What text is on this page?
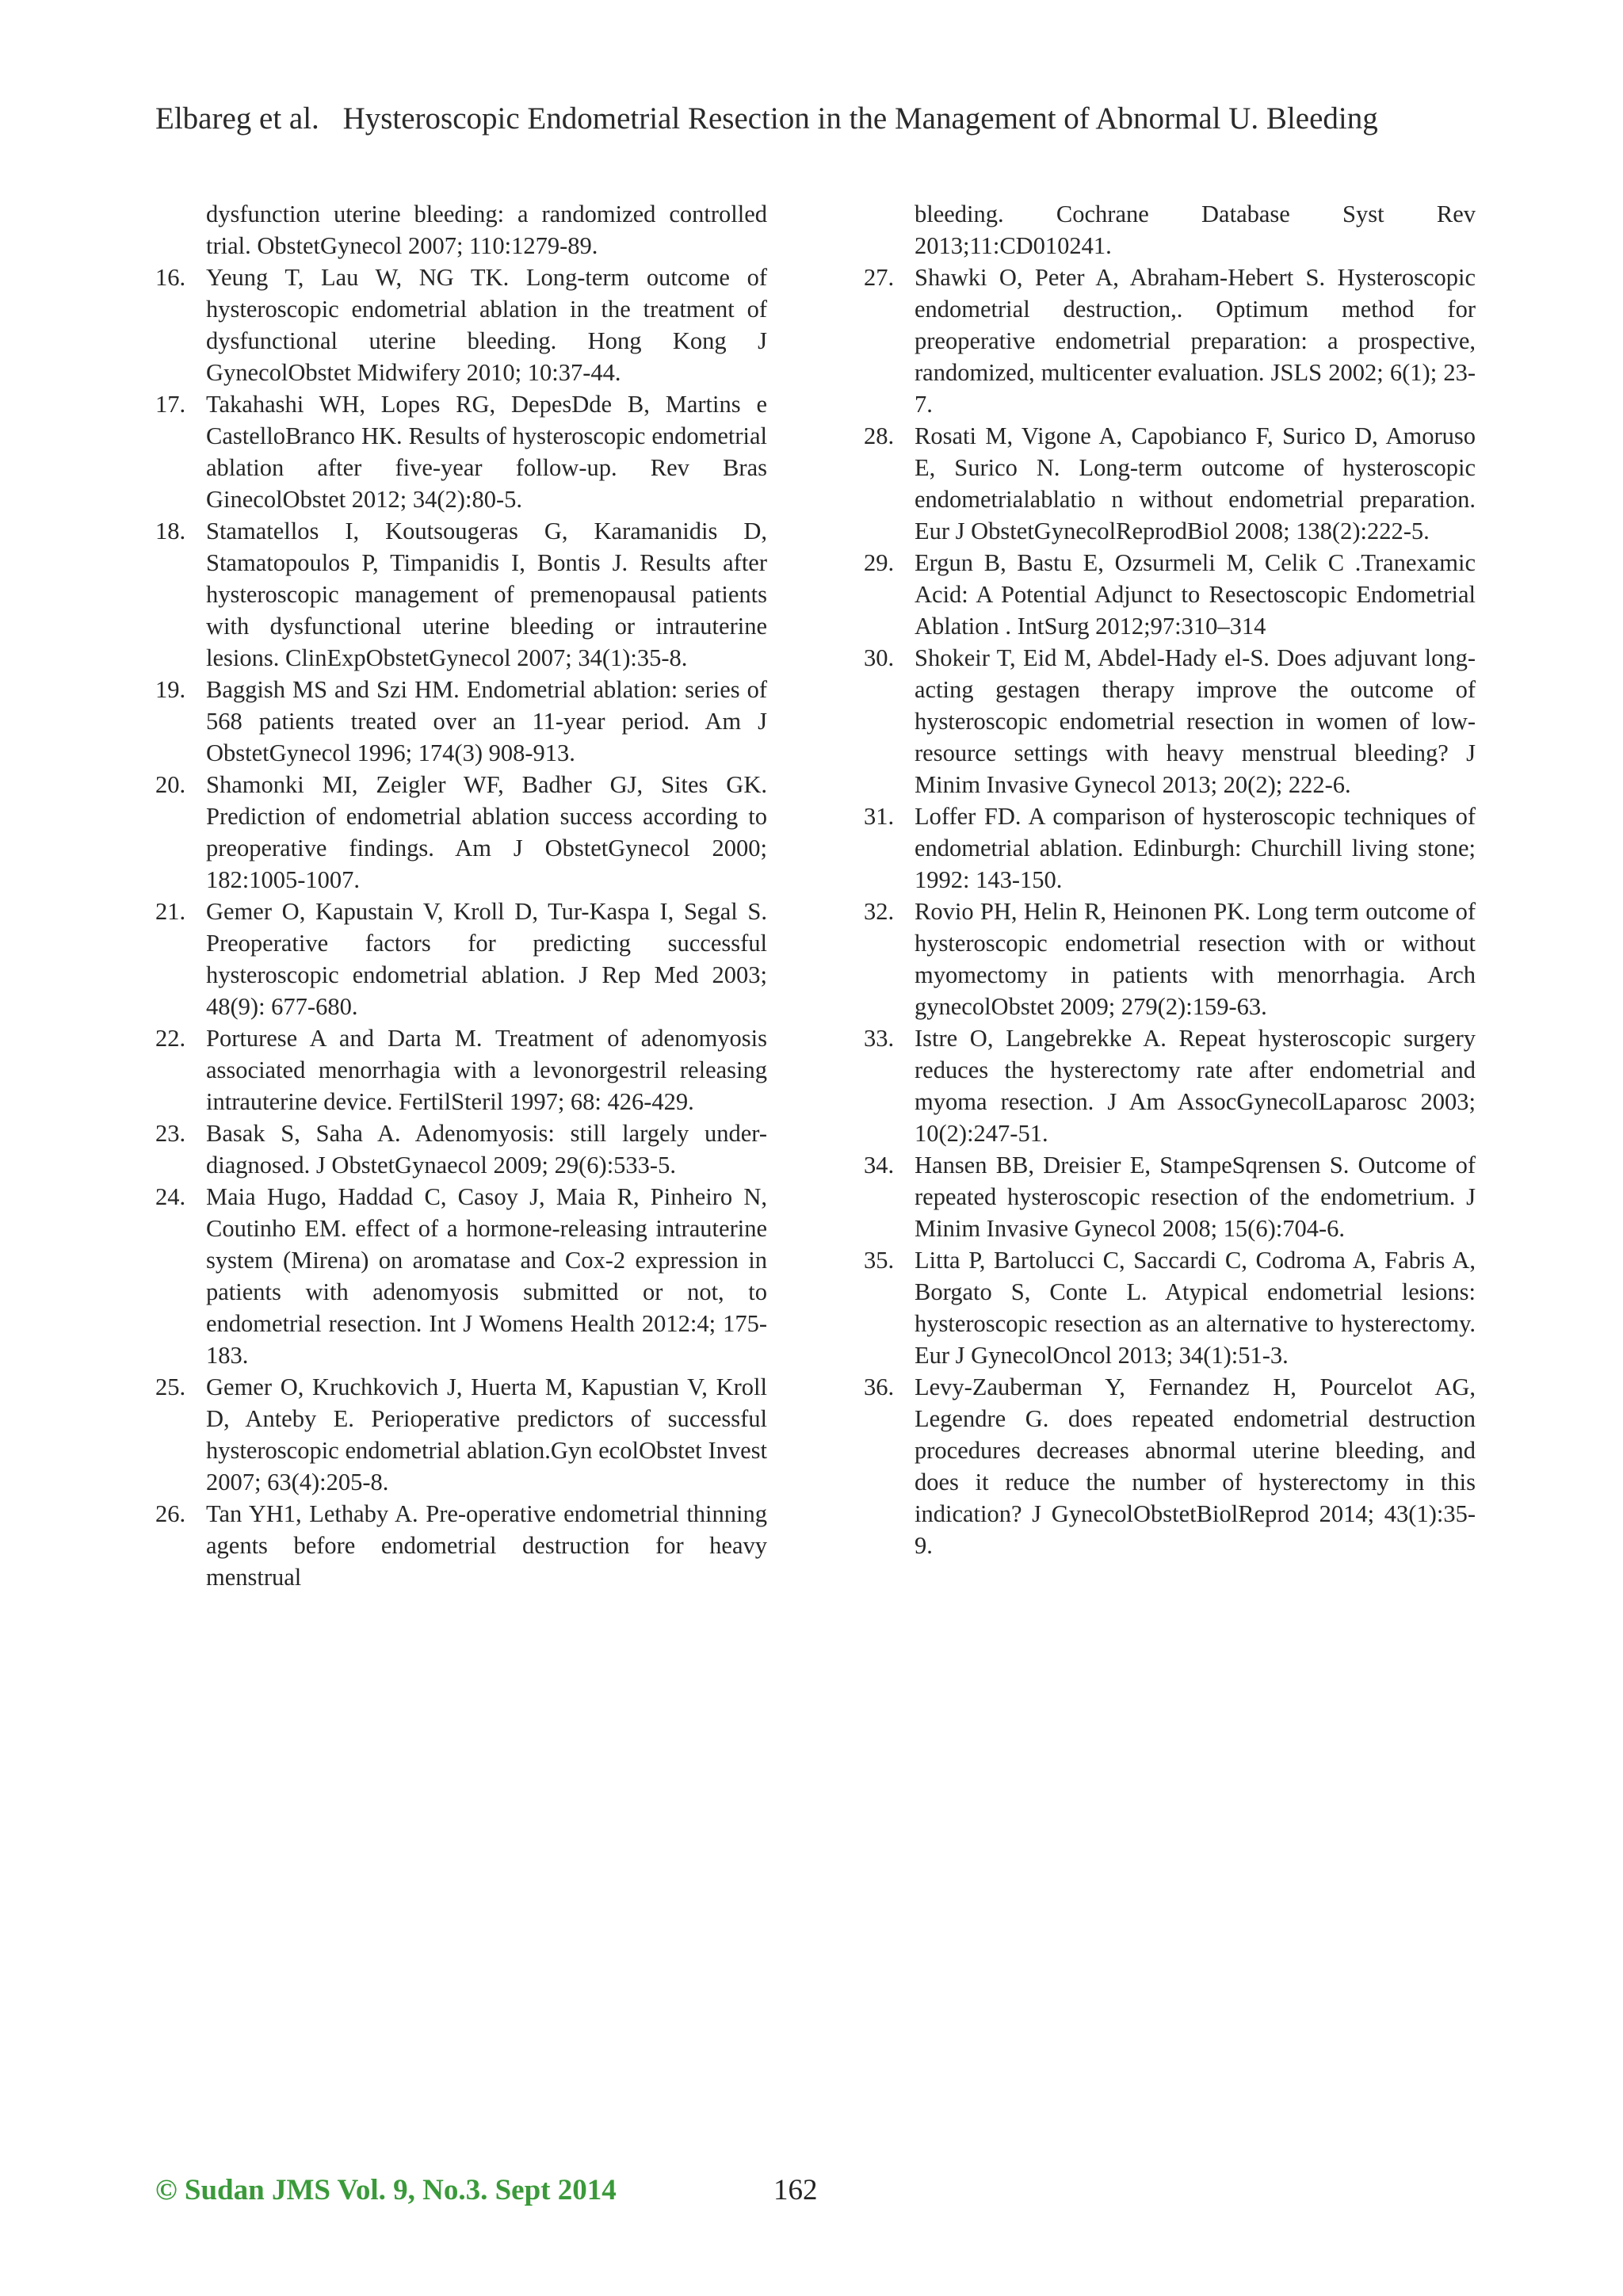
Elbareg et al. Hysteroscopic Endometrial Resection in the Management of Abnormal U. Bleeding
dysfunction uterine bleeding: a randomized controlled trial. ObstetGynecol 2007; 110:1279-89.
16. Yeung T, Lau W, NG TK. Long-term outcome of hysteroscopic endometrial ablation in the treatment of dysfunctional uterine bleeding. Hong Kong J GynecolObstet Midwifery 2010; 10:37-44.
17. Takahashi WH, Lopes RG, DepesDde B, Martins e CastelloBranco HK. Results of hysteroscopic endometrial ablation after five-year follow-up. Rev Bras GinecolObstet 2012; 34(2):80-5.
18. Stamatellos I, Koutsougeras G, Karamanidis D, Stamatopoulos P, Timpanidis I, Bontis J. Results after hysteroscopic management of premenopausal patients with dysfunctional uterine bleeding or intrauterine lesions. ClinExpObstetGynecol 2007; 34(1):35-8.
19. Baggish MS and Szi HM. Endometrial ablation: series of 568 patients treated over an 11-year period. Am J ObstetGynecol 1996; 174(3) 908-913.
20. Shamonki MI, Zeigler WF, Badher GJ, Sites GK. Prediction of endometrial ablation success according to preoperative findings. Am J ObstetGynecol 2000; 182:1005-1007.
21. Gemer O, Kapustain V, Kroll D, Tur-Kaspa I, Segal S. Preoperative factors for predicting successful hysteroscopic endometrial ablation. J Rep Med 2003; 48(9): 677-680.
22. Porturese A and Darta M. Treatment of adenomyosis associated menorrhagia with a levonorgestril releasing intrauterine device. FertilSteril 1997; 68: 426-429.
23. Basak S, Saha A. Adenomyosis: still largely under-diagnosed. J ObstetGynaecol 2009; 29(6):533-5.
24. Maia Hugo, Haddad C, Casoy J, Maia R, Pinheiro N, Coutinho EM. effect of a hormone-releasing intrauterine system (Mirena) on aromatase and Cox-2 expression in patients with adenomyosis submitted or not, to endometrial resection. Int J Womens Health 2012:4; 175-183.
25. Gemer O, Kruchkovich J, Huerta M, Kapustian V, Kroll D, Anteby E. Perioperative predictors of successful hysteroscopic endometrial ablation.Gyn ecolObstet Invest 2007; 63(4):205-8.
26. Tan YH1, Lethaby A. Pre-operative endometrial thinning agents before endometrial destruction for heavy menstrual
bleeding. Cochrane Database Syst Rev 2013;11:CD010241.
27. Shawki O, Peter A, Abraham-Hebert S. Hysteroscopic endometrial destruction,. Optimum method for preoperative endometrial preparation: a prospective, randomized, multicenter evaluation. JSLS 2002; 6(1); 23-7.
28. Rosati M, Vigone A, Capobianco F, Surico D, Amoruso E, Surico N. Long-term outcome of hysteroscopic endometrialablatio n without endometrial preparation. Eur J ObstetGynecolReprodBiol 2008; 138(2):222-5.
29. Ergun B, Bastu E, Ozsurmeli M, Celik C .Tranexamic Acid: A Potential Adjunct to Resectoscopic Endometrial Ablation . IntSurg 2012;97:310–314
30. Shokeir T, Eid M, Abdel-Hady el-S. Does adjuvant long-acting gestagen therapy improve the outcome of hysteroscopic endometrial resection in women of low-resource settings with heavy menstrual bleeding? J Minim Invasive Gynecol 2013; 20(2); 222-6.
31. Loffer FD. A comparison of hysteroscopic techniques of endometrial ablation. Edinburgh: Churchill living stone; 1992: 143-150.
32. Rovio PH, Helin R, Heinonen PK. Long term outcome of hysteroscopic endometrial resection with or without myomectomy in patients with menorrhagia. Arch gynecolObstet 2009; 279(2):159-63.
33. Istre O, Langebrekke A. Repeat hysteroscopic surgery reduces the hysterectomy rate after endometrial and myoma resection. J Am AssocGynecolLaparosc 2003; 10(2):247-51.
34. Hansen BB, Dreisier E, StampeSqrensen S. Outcome of repeated hysteroscopic resection of the endometrium. J Minim Invasive Gynecol 2008; 15(6):704-6.
35. Litta P, Bartolucci C, Saccardi C, Codroma A, Fabris A, Borgato S, Conte L. Atypical endometrial lesions: hysteroscopic resection as an alternative to hysterectomy. Eur J GynecolOncol 2013; 34(1):51-3.
36. Levy-Zauberman Y, Fernandez H, Pourcelot AG, Legendre G. does repeated endometrial destruction procedures decreases abnormal uterine bleeding, and does it reduce the number of hysterectomy in this indication? J GynecolObstetBiolReprod 2014; 43(1):35-9.
© Sudan JMS Vol. 9, No.3. Sept 2014	162
